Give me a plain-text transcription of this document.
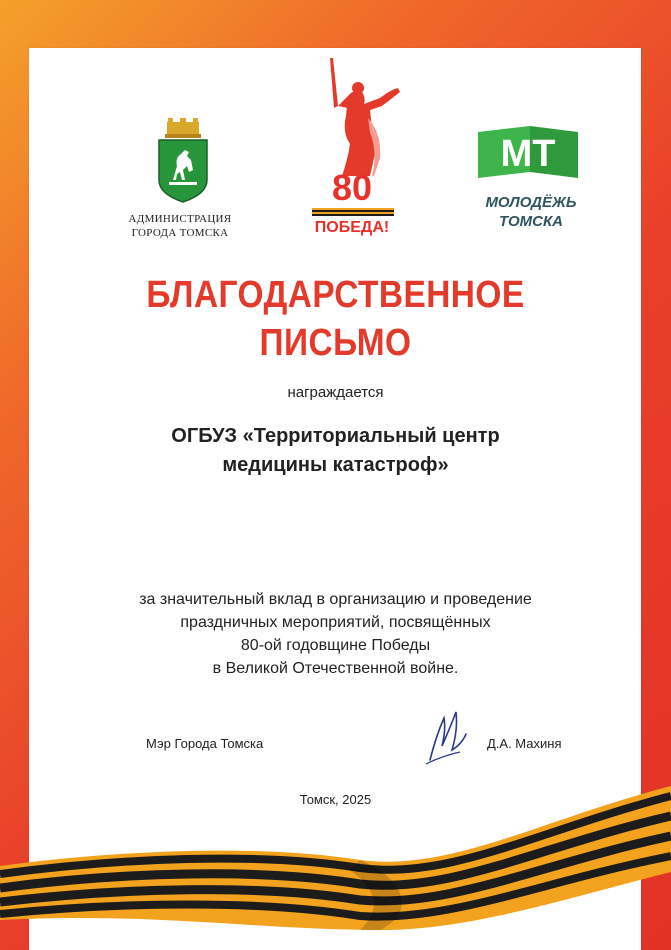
АДМИНИСТРАЦИЯ
ГОРОДА ТОМСКА
80
ПОБЕДА!
МТ
МОЛОДЁЖЬ
ТОМСКА
БЛАГОДАРСТВЕННОЕ
ПИСЬМО
награждается
ОГБУЗ «Территориальный центр
медицины катастроф»
за значительный вклад в организацию и проведение
праздничных мероприятий, посвящённых
80-ой годовщине Победы
в Великой Отечественной войне.
Мэр Города Томска	Д.А. Махиня
Томск, 2025
